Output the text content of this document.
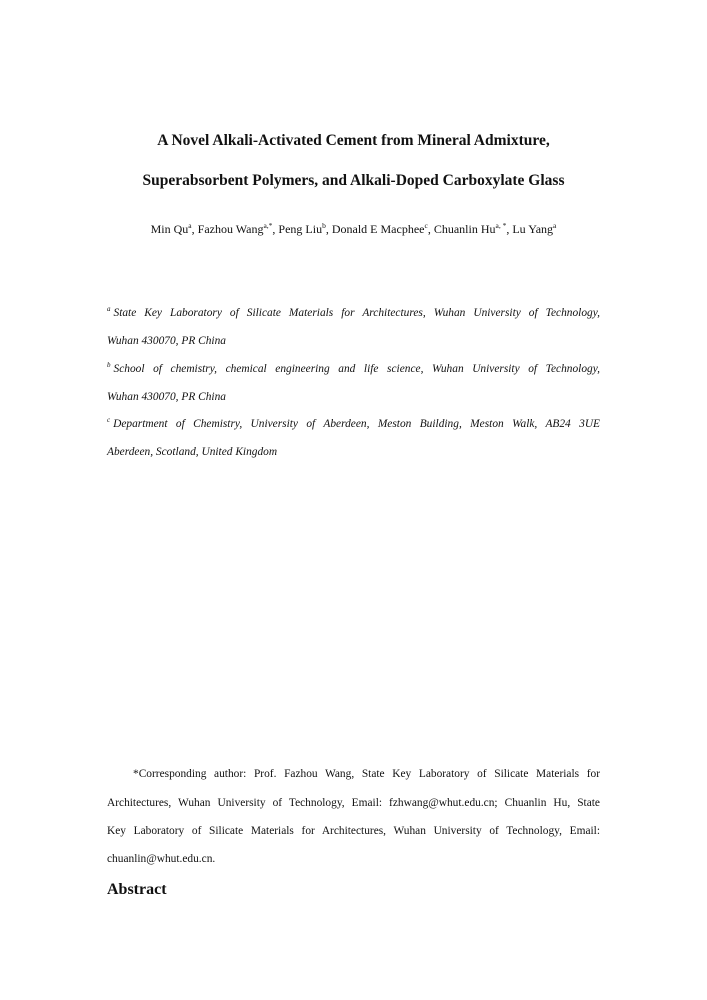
A Novel Alkali-Activated Cement from Mineral Admixture,
Superabsorbent Polymers, and Alkali-Doped Carboxylate Glass
Min Qu$^a$, Fazhou Wang$^{a,*}$, Peng Liu$^b$, Donald E Macphee$^c$, Chuanlin $Hu^{a, *}$, Lu Yang$^a$
$^a$ State Key Laboratory of Silicate Materials for Architectures, Wuhan University of Technology,
Wuhan 430070, PR China
$^b$ School of chemistry, chemical engineering and life science, Wuhan University of Technology,
Wuhan 430070, PR China
$^c$ Department of Chemistry, University of Aberdeen, Meston Building, Meston Walk, AB24 3UE
Aberdeen, Scotland, United Kingdom
*Corresponding author: Prof. Fazhou Wang, State Key Laboratory of Silicate Materials for
Architectures, Wuhan University of Technology, Email: fzhwang@whut.edu.cn; Chuanlin Hu, State
Key Laboratory of Silicate Materials for Architectures, Wuhan University of Technology, Email:
chuanlin@whut.edu.cn.
Abstract
